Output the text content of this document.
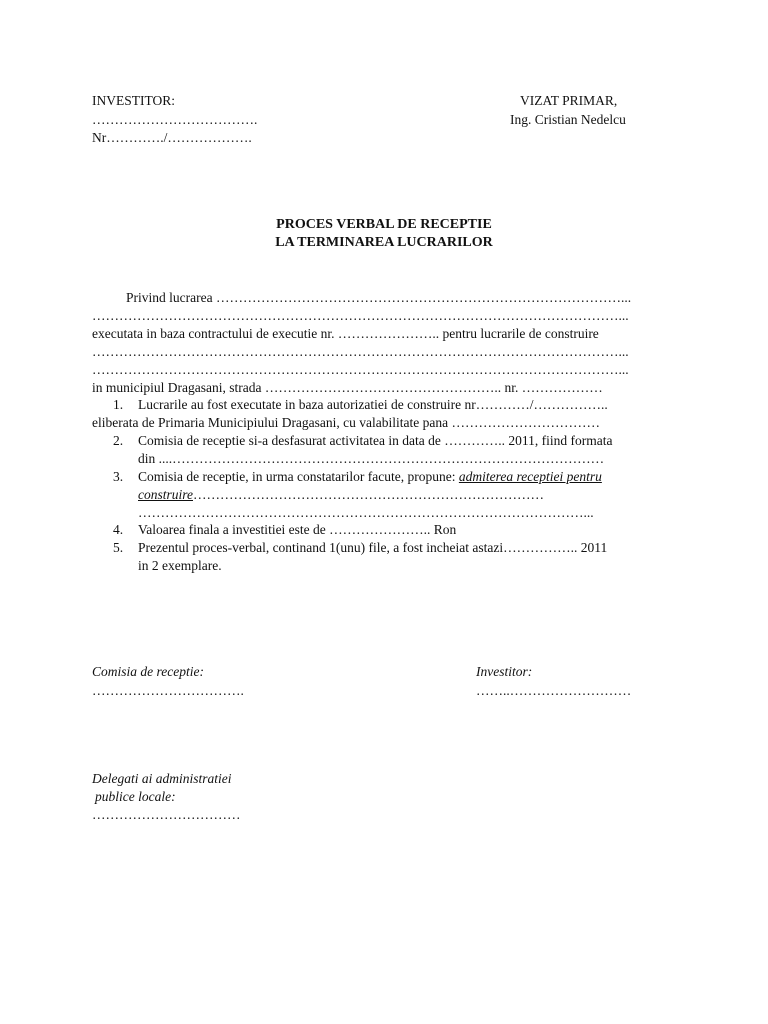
INVESTITOR:

……………………………….

Nr…………./……………….

VIZAT PRIMAR,

Ing. Cristian Nedelcu

PROCES VERBAL DE RECEPTIE

LA TERMINAREA LUCRARILOR

Privind lucrarea ………………………………………………………………………………...

………………………………………………………………………………………………………...

executata in baza contractului de executie nr. ………………….. pentru lucrarile de construire

………………………………………………………………………………………………………...

………………………………………………………………………………………………………...

in municipiul Dragasani, strada …………………………………………….. nr. ………………

1. Lucrarile au fost executate in baza autorizatiei de construire nr…………/……………..

eliberata de Primaria Municipiului Dragasani, cu valabilitate pana ……………………………

2. Comisia de receptie si-a desfasurat activitatea in data de ………….. 2011, fiind formata

din ....……………………………………………………………………………………

3. Comisia de receptie, in urma constatarilor facute, propune: admiterea receptiei pentru

construire……………………………………………………………………

………………………………………………………………………………………...

4. Valoarea finala a investitiei este de ………………….. Ron

5. Prezentul proces-verbal, continand 1(unu) file, a fost incheiat astazi…………….. 2011

in 2 exemplare.

Comisia de receptie:

…………………………….

Investitor:

……..………………………

Delegati ai administratiei

publice locale:

……………………………
